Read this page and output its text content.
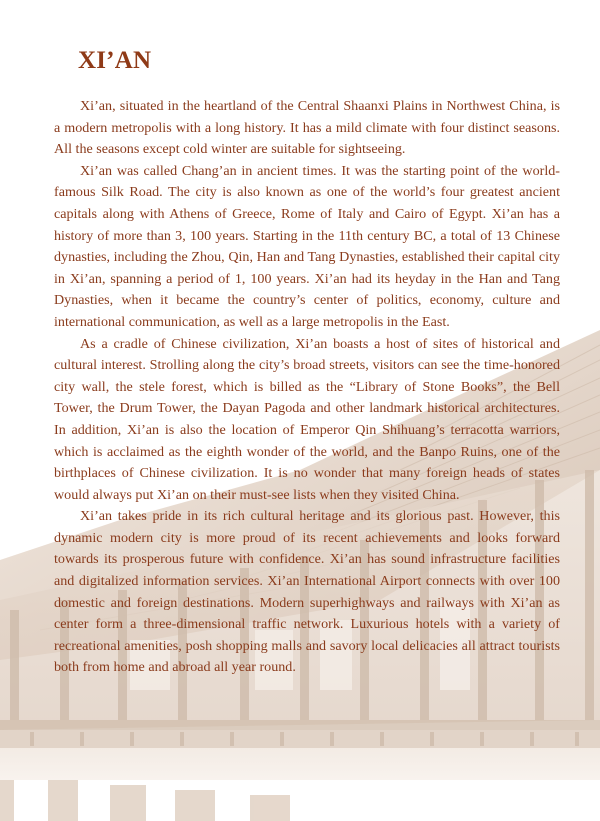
XI’AN

Xi’an, situated in the heartland of the Central Shaanxi Plains in Northwest China, is a modern metropolis with a long history. It has a mild climate with four distinct seasons. All the seasons except cold winter are suitable for sightseeing.

Xi’an was called Chang’an in ancient times. It was the starting point of the world-famous Silk Road. The city is also known as one of the world’s four greatest ancient capitals along with Athens of Greece, Rome of Italy and Cairo of Egypt. Xi’an has a history of more than 3, 100 years. Starting in the 11th century BC, a total of 13 Chinese dynasties, including the Zhou, Qin, Han and Tang Dynasties, established their capital city in Xi’an, spanning a period of 1, 100 years. Xi’an had its heyday in the Han and Tang Dynasties, when it became the country’s center of politics, economy, culture and international communication, as well as a large metropolis in the East.

As a cradle of Chinese civilization, Xi’an boasts a host of sites of historical and cultural interest. Strolling along the city’s broad streets, visitors can see the time-honored city wall, the stele forest, which is billed as the “Library of Stone Books”, the Bell Tower, the Drum Tower, the Dayan Pagoda and other landmark historical architectures. In addition, Xi’an is also the location of Emperor Qin Shihuang’s terracotta warriors, which is acclaimed as the eighth wonder of the world, and the Banpo Ruins, one of the birthplaces of Chinese civilization. It is no wonder that many foreign heads of states would always put Xi’an on their must-see lists when they visited China.

Xi’an takes pride in its rich cultural heritage and its glorious past. However, this dynamic modern city is more proud of its recent achievements and looks forward towards its prosperous future with confidence. Xi’an has sound infrastructure facilities and digitalized information services. Xi’an International Airport connects with over 100 domestic and foreign destinations. Modern superhighways and railways with Xi’an as center form a three-dimensional traffic network. Luxurious hotels with a variety of recreational amenities, posh shopping malls and savory local delicacies all attract tourists both from home and abroad all year round.
